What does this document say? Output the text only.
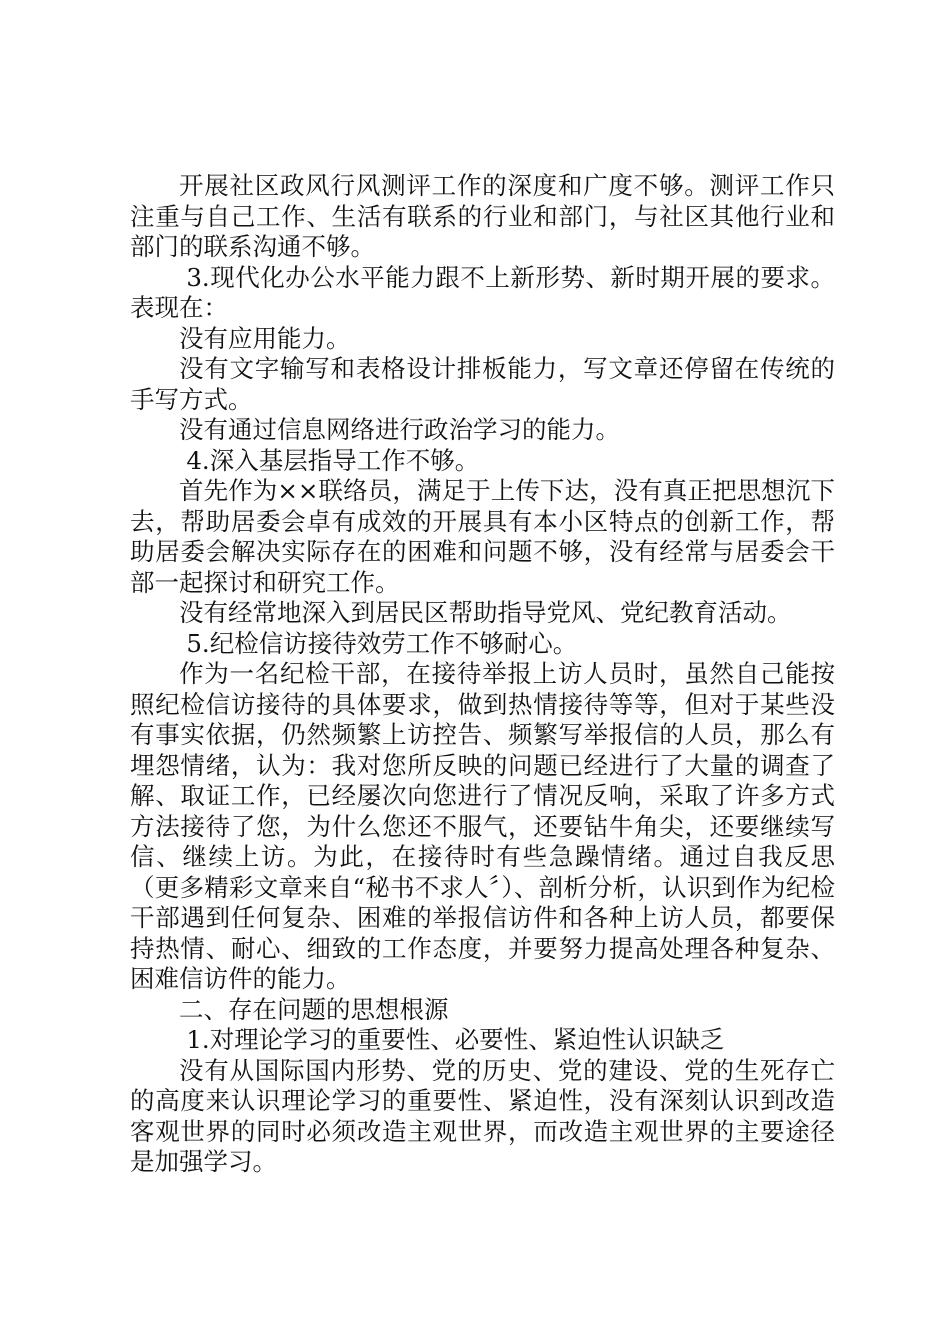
开展社区政风行风测评工作的深度和广度不够。测评工作只注重与自己工作、生活有联系的行业和部门，与社区其他行业和部门的联系沟通不够。

3.现代化办公水平能力跟不上新形势、新时期开展的要求。表现在：

没有应用能力。

没有文字输写和表格设计排板能力，写文章还停留在传统的手写方式。

没有通过信息网络进行政治学习的能力。

4.深入基层指导工作不够。

首先作为××联络员，满足于上传下达，没有真正把思想沉下去，帮助居委会卓有成效的开展具有本小区特点的创新工作，帮助居委会解决实际存在的困难和问题不够，没有经常与居委会干部一起探讨和研究工作。

没有经常地深入到居民区帮助指导党风、党纪教育活动。

5.纪检信访接待效劳工作不够耐心。

作为一名纪检干部，在接待举报上访人员时，虽然自己能按照纪检信访接待的具体要求，做到热情接待等等，但对于某些没有事实依据，仍然频繁上访控告、频繁写举报信的人员，那么有埋怨情绪，认为：我对您所反映的问题已经进行了大量的调查了解、取证工作，已经屡次向您进行了情况反响，采取了许多方式方法接待了您，为什么您还不服气，还要钻牛角尖，还要继续写信、继续上访。为此，在接待时有些急躁情绪。通过自我反思（更多精彩文章来自“秘书不求人〞）、剖析分析，认识到作为纪检干部遇到任何复杂、困难的举报信访件和各种上访人员，都要保持热情、耐心、细致的工作态度，并要努力提高处理各种复杂、困难信访件的能力。

二、存在问题的思想根源

1.对理论学习的重要性、必要性、紧迫性认识缺乏

没有从国际国内形势、党的历史、党的建设、党的生死存亡的高度来认识理论学习的重要性、紧迫性，没有深刻认识到改造客观世界的同时必须改造主观世界，而改造主观世界的主要途径是加强学习。
